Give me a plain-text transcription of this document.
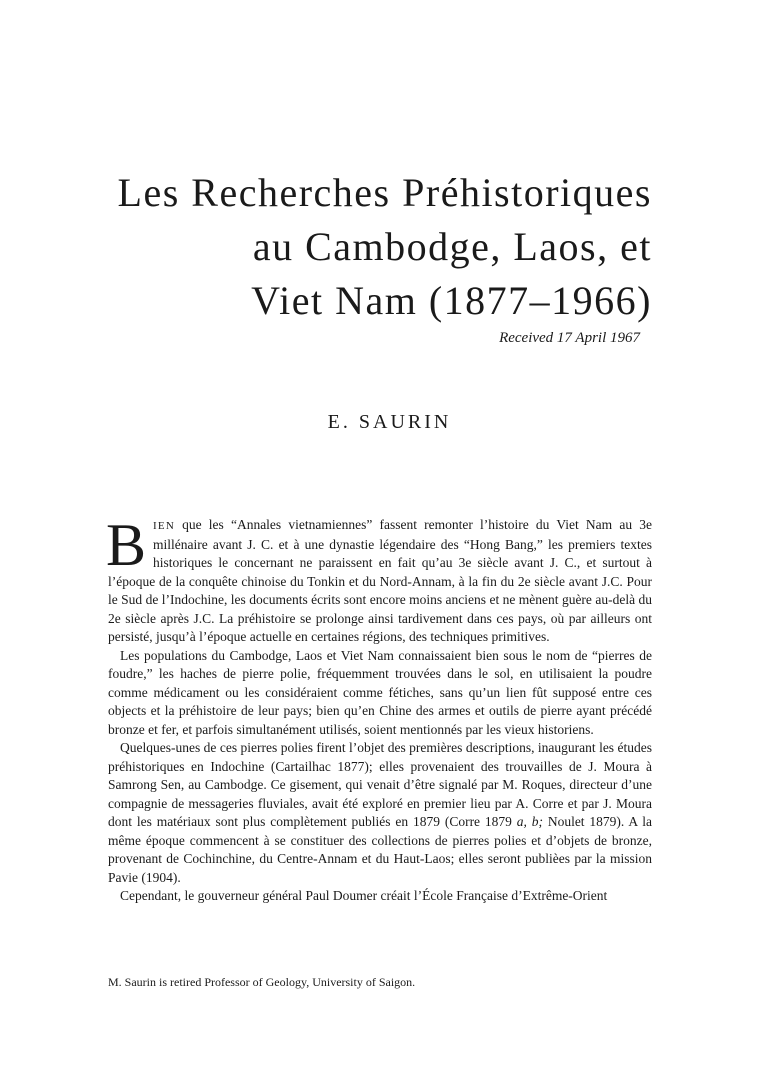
Les Recherches Préhistoriques
au Cambodge, Laos, et
Viet Nam (1877–1966)
Received 17 April 1967
E. SAURIN

BIEN que les “Annales vietnamiennes” fassent remonter l’histoire du Viet Nam au 3e millénaire avant J. C. et à une dynastie légendaire des “Hong Bang,” les premiers textes historiques le concernant ne paraissent en fait qu’au 3e siècle avant J. C., et surtout à l’époque de la conquête chinoise du Tonkin et du Nord-Annam, à la fin du 2e siècle avant J.C. Pour le Sud de l’Indochine, les documents écrits sont encore moins anciens et ne mènent guère au-delà du 2e siècle après J.C. La préhistoire se prolonge ainsi tardivement dans ces pays, où par ailleurs ont persisté, jusqu’à l’époque actuelle en certaines régions, des techniques primitives.

Les populations du Cambodge, Laos et Viet Nam connaissaient bien sous le nom de “pierres de foudre,” les haches de pierre polie, fréquemment trouvées dans le sol, en utilisaient la poudre comme médicament ou les considéraient comme fétiches, sans qu’un lien fût supposé entre ces objects et la préhistoire de leur pays; bien qu’en Chine des armes et outils de pierre ayant précédé bronze et fer, et parfois simultanément utilisés, soient mentionnés par les vieux historiens.

Quelques-unes de ces pierres polies firent l’objet des premières descriptions, inaugurant les études préhistoriques en Indochine (Cartailhac 1877); elles provenaient des trouvailles de J. Moura à Samrong Sen, au Cambodge. Ce gisement, qui venait d’être signalé par M. Roques, directeur d’une compagnie de messageries fluviales, avait été exploré en premier lieu par A. Corre et par J. Moura dont les matériaux sont plus complètement publiés en 1879 (Corre 1879 a, b; Noulet 1879). A la même époque commencent à se constituer des collections de pierres polies et d’objets de bronze, provenant de Cochinchine, du Centre-Annam et du Haut-Laos; elles seront publièes par la mission Pavie (1904).

Cependant, le gouverneur général Paul Doumer créait l’École Française d’Extrême-Orient

M. Saurin is retired Professor of Geology, University of Saigon.
